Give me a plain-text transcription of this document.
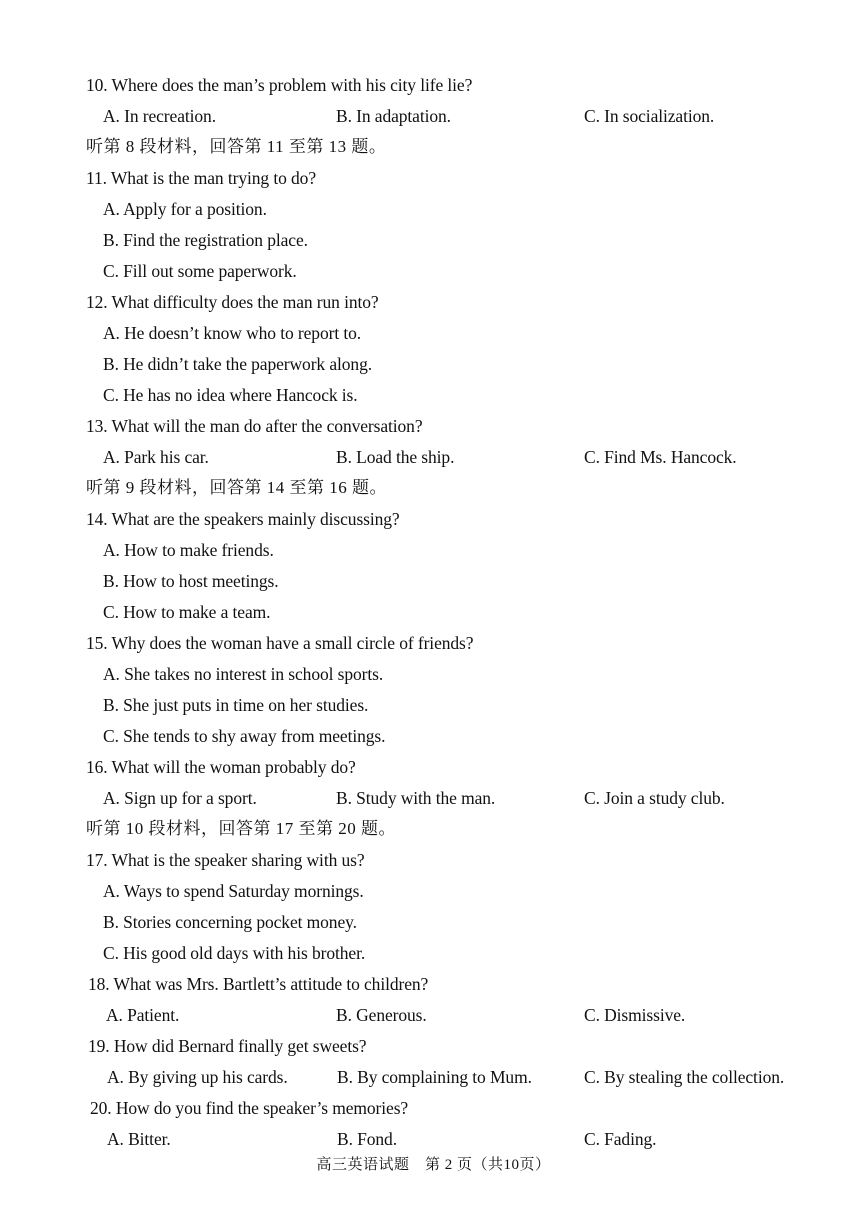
10. Where does the man’s problem with his city life lie?
A. In recreation.	B. In adaptation.	C. In socialization.
听第 8 段材料，回答第 11 至第 13 题。
11. What is the man trying to do?
A. Apply for a position.
B. Find the registration place.
C. Fill out some paperwork.
12. What difficulty does the man run into?
A. He doesn’t know who to report to.
B. He didn’t take the paperwork along.
C. He has no idea where Hancock is.
13. What will the man do after the conversation?
A. Park his car.	B. Load the ship.	C. Find Ms. Hancock.
听第 9 段材料，回答第 14 至第 16 题。
14. What are the speakers mainly discussing?
A. How to make friends.
B. How to host meetings.
C. How to make a team.
15. Why does the woman have a small circle of friends?
A. She takes no interest in school sports.
B. She just puts in time on her studies.
C. She tends to shy away from meetings.
16. What will the woman probably do?
A. Sign up for a sport.	B. Study with the man.	C. Join a study club.
听第 10 段材料，回答第 17 至第 20 题。
17. What is the speaker sharing with us?
A. Ways to spend Saturday mornings.
B. Stories concerning pocket money.
C. His good old days with his brother.
18. What was Mrs. Bartlett’s attitude to children?
A. Patient.	B. Generous.	C. Dismissive.
19. How did Bernard finally get sweets?
A. By giving up his cards.	B. By complaining to Mum.	C. By stealing the collection.
20. How do you find the speaker’s memories?
A. Bitter.	B. Fond.	C. Fading.
高三英语试题　第 2 页（共10页）
